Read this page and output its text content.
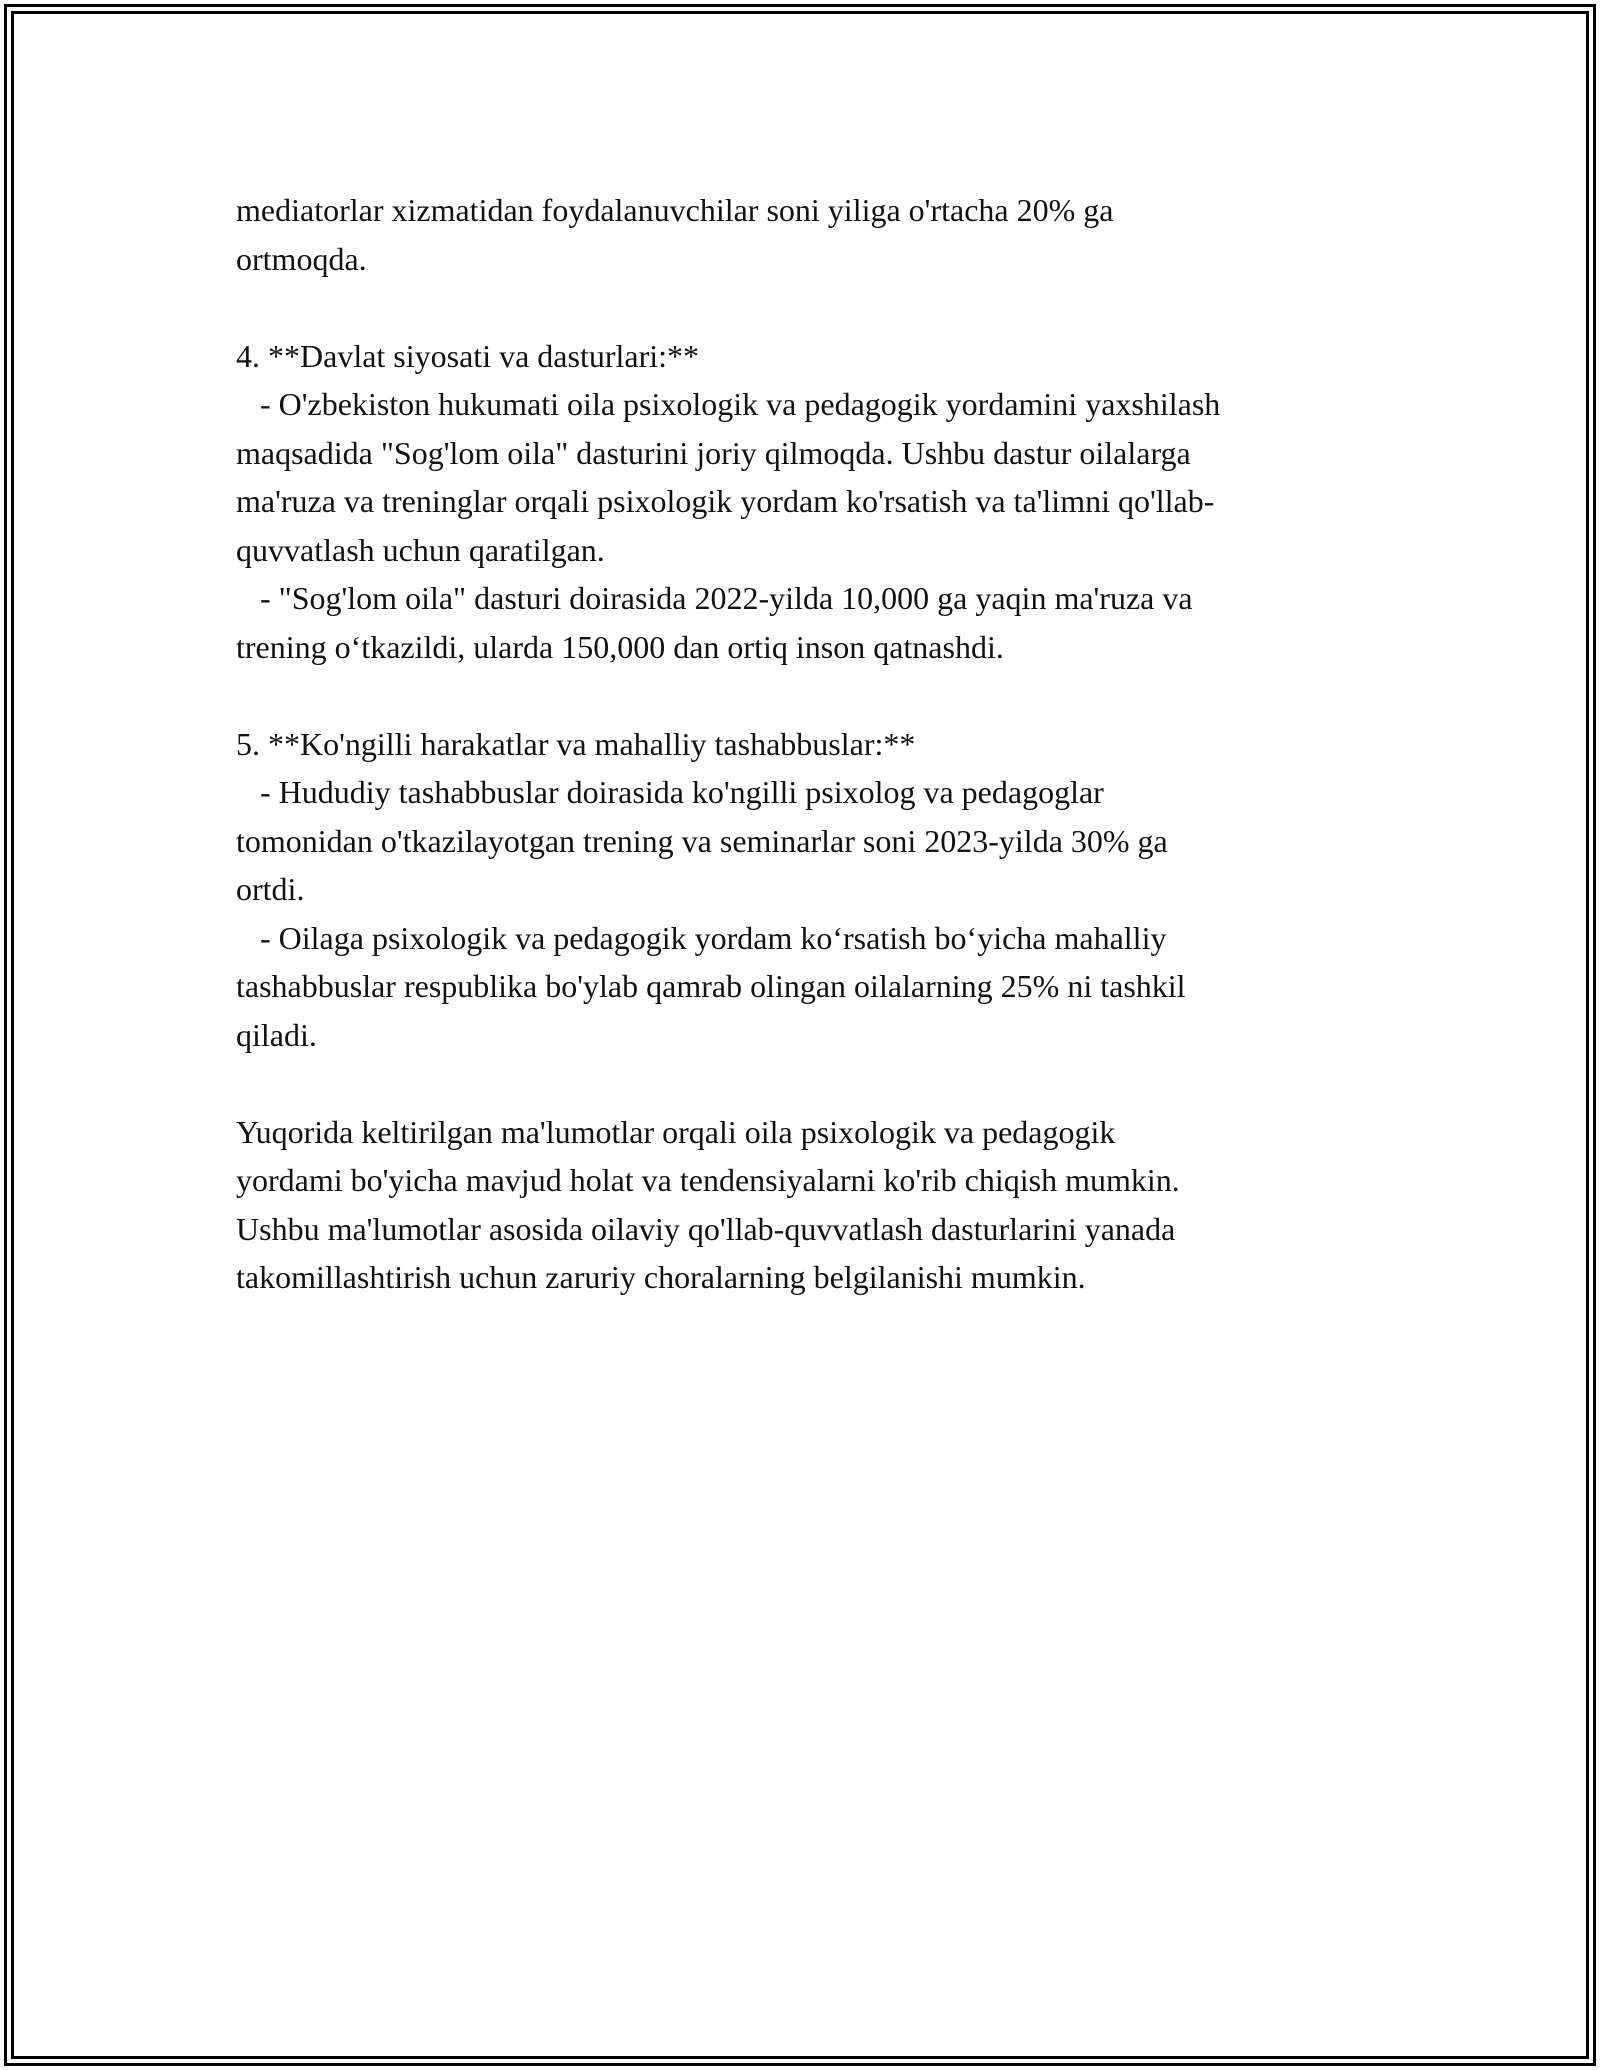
mediatorlar xizmatidan foydalanuvchilar soni yiliga o'rtacha 20% ga
ortmoqda.
4. **Davlat siyosati va dasturlari:**
- O'zbekiston hukumati oila psixologik va pedagogik yordamini yaxshilash
maqsadida "Sog'lom oila" dasturini joriy qilmoqda. Ushbu dastur oilalarga
ma'ruza va treninglar orqali psixologik yordam ko'rsatish va ta'limni qo'llab-
quvvatlash uchun qaratilgan.
- "Sog'lom oila" dasturi doirasida 2022-yilda 10,000 ga yaqin ma'ruza va
trening o‘tkazildi, ularda 150,000 dan ortiq inson qatnashdi.
5. **Ko'ngilli harakatlar va mahalliy tashabbuslar:**
- Hududiy tashabbuslar doirasida ko'ngilli psixolog va pedagoglar
tomonidan o'tkazilayotgan trening va seminarlar soni 2023-yilda 30% ga
ortdi.
- Oilaga psixologik va pedagogik yordam ko‘rsatish bo‘yicha mahalliy
tashabbuslar respublika bo'ylab qamrab olingan oilalarning 25% ni tashkil
qiladi.
Yuqorida keltirilgan ma'lumotlar orqali oila psixologik va pedagogik
yordami bo'yicha mavjud holat va tendensiyalarni ko'rib chiqish mumkin.
Ushbu ma'lumotlar asosida oilaviy qo'llab-quvvatlash dasturlarini yanada
takomillashtirish uchun zaruriy choralarning belgilanishi mumkin.
